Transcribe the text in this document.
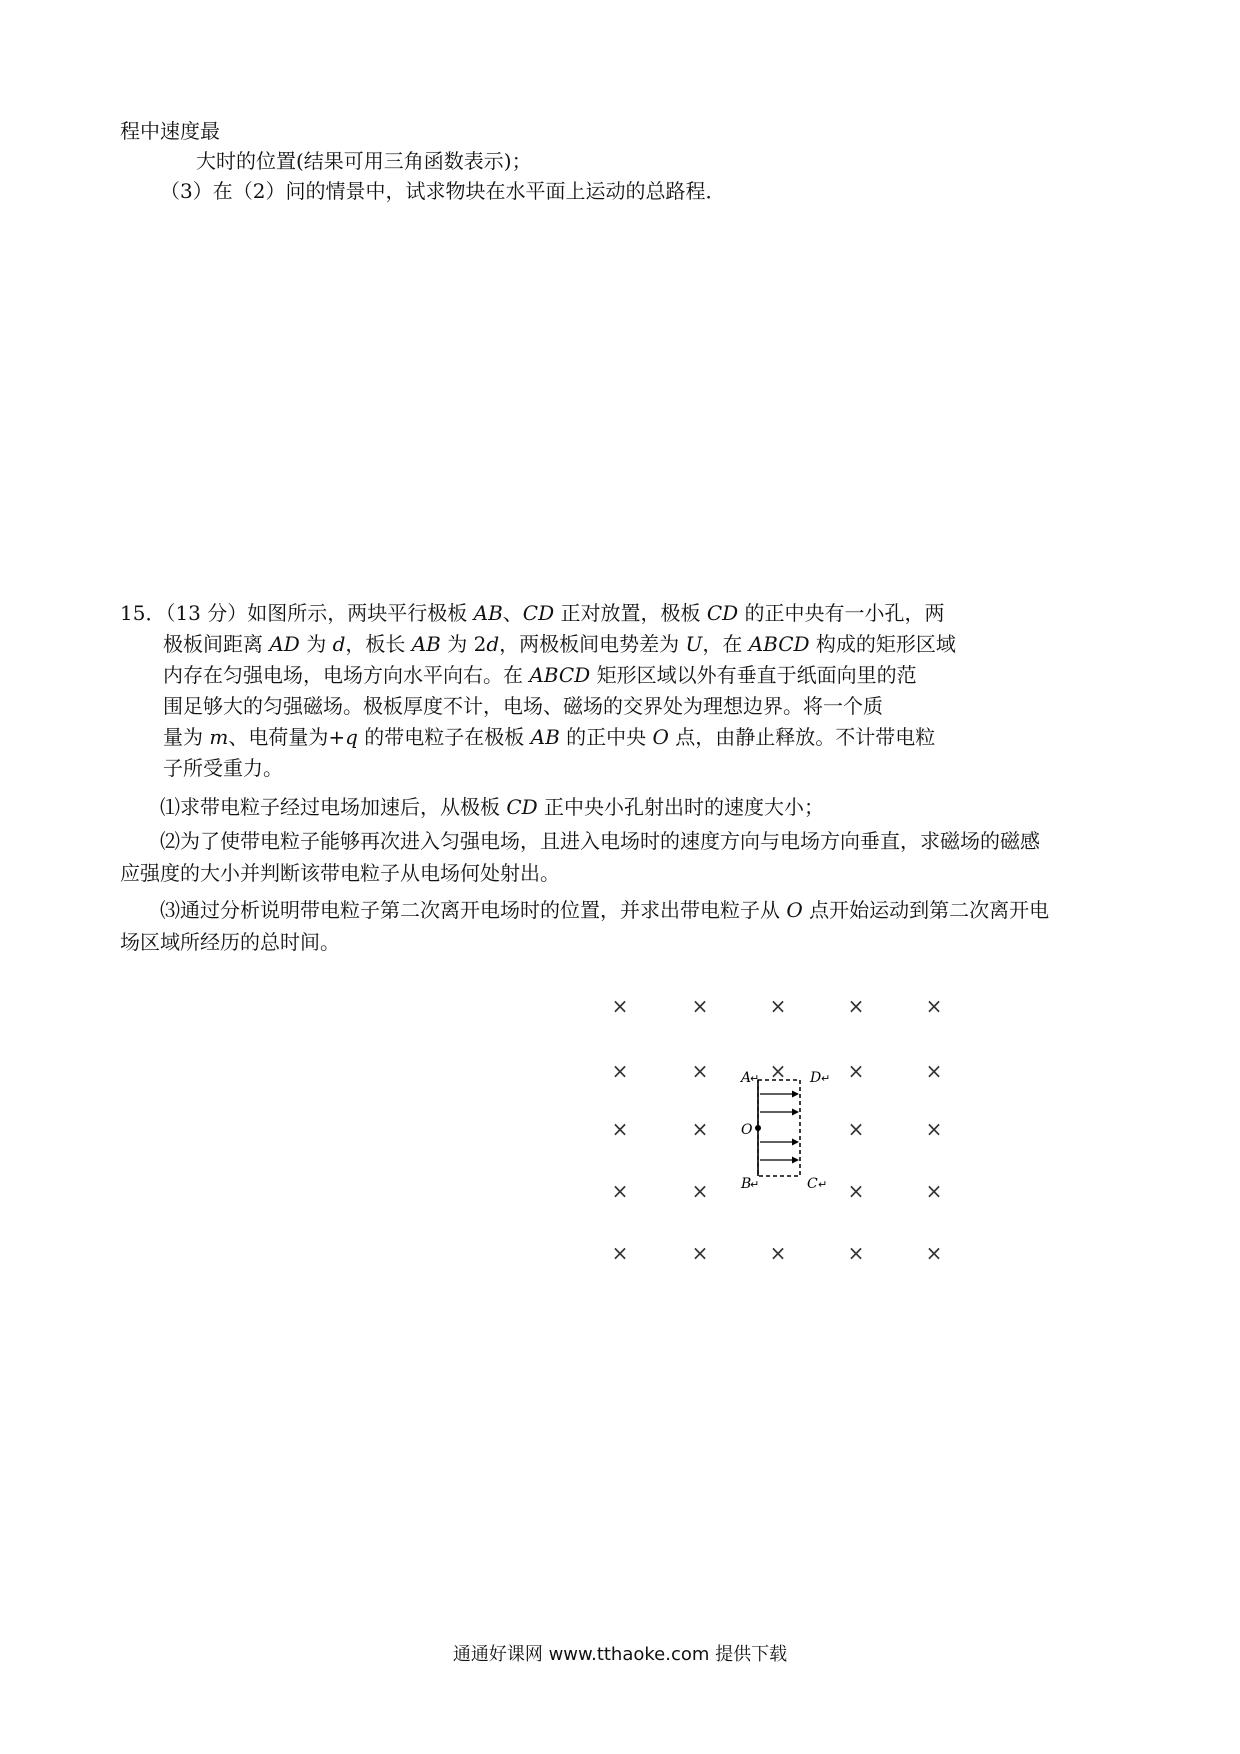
程中速度最
大时的位置(结果可用三角函数表示)；
（3）在（2）问的情景中，试求物块在水平面上运动的总路程．
15．（13 分）如图所示，两块平行极板 AB、CD 正对放置，极板 CD 的正中央有一小孔，两
极板间距离 AD 为 d，板长 AB 为 2d，两极板间电势差为 U，在 ABCD 构成的矩形区域
内存在匀强电场，电场方向水平向右。在 ABCD 矩形区域以外有垂直于纸面向里的范
围足够大的匀强磁场。极板厚度不计，电场、磁场的交界处为理想边界。将一个质
量为 m、电荷量为+q 的带电粒子在极板 AB 的正中央 O 点，由静止释放。不计带电粒
子所受重力。
⑴求带电粒子经过电场加速后，从极板 CD 正中央小孔射出时的速度大小；
⑵为了使带电粒子能够再次进入匀强电场，且进入电场时的速度方向与电场方向垂直，求磁场的磁感
应强度的大小并判断该带电粒子从电场何处射出。
⑶通过分析说明带电粒子第二次离开电场时的位置，并求出带电粒子从 O 点开始运动到第二次离开电
场区域所经历的总时间。
×	×	×	×	×
×	×	×	×
×	×	×	×
×	×	×	×
×	×	×	×	×
×
A
↵	D ↵
O
B
↵	C ↵
通通好课网 www.tthaoke.com 提供下载
